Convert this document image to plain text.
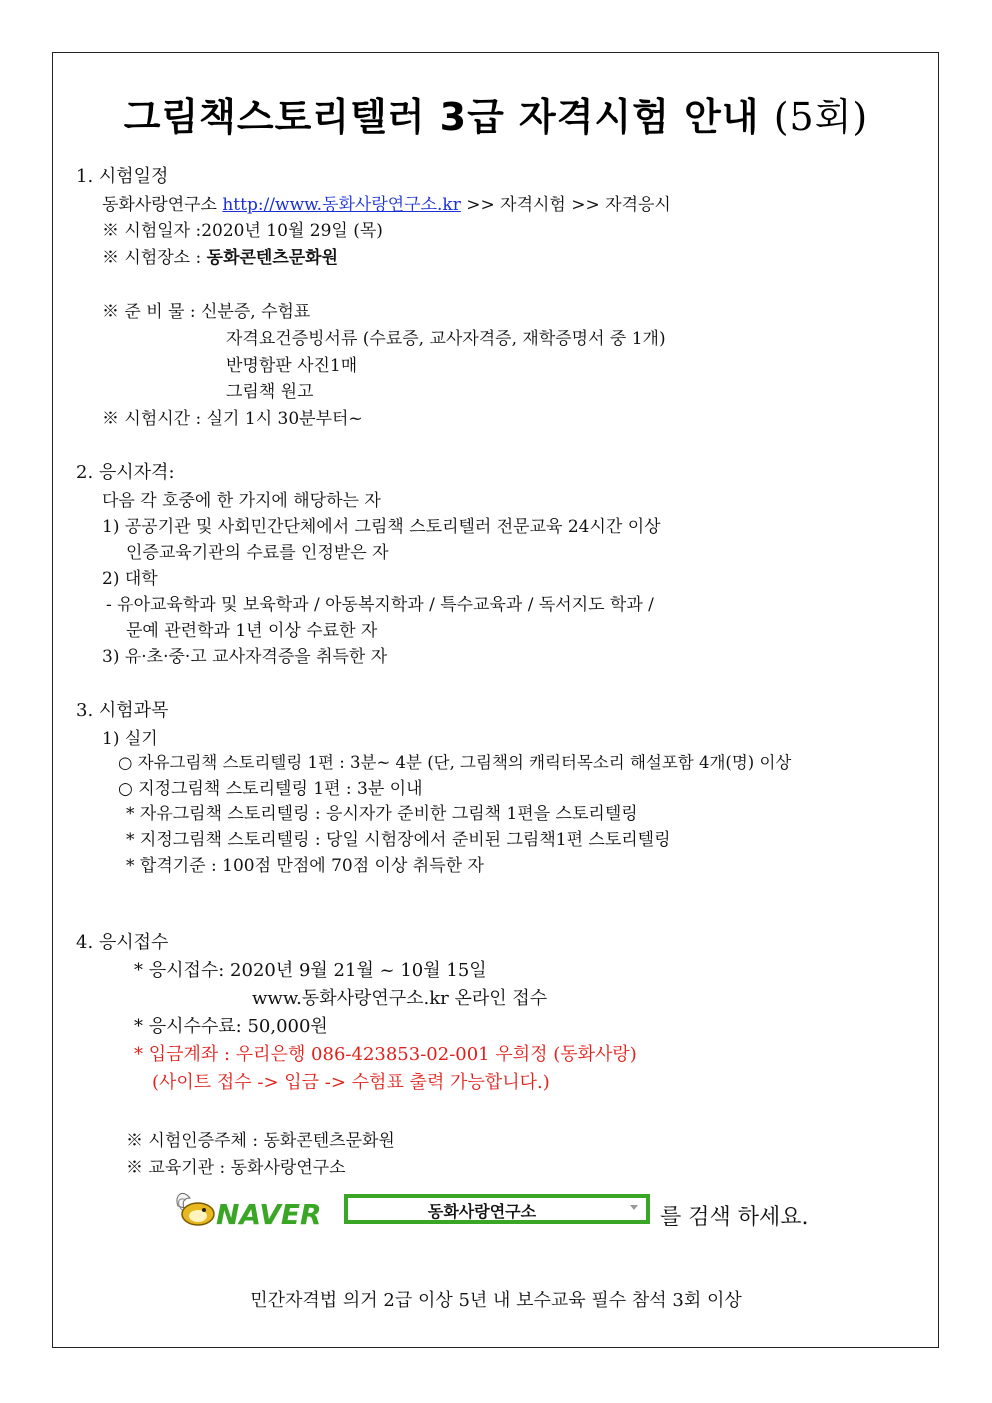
그림책스토리텔러 3급 자격시험 안내 (5회)
1. 시험일정
동화사랑연구소 http://www.동화사랑연구소.kr >> 자격시험 >> 자격응시
※ 시험일자 :2020년 10월 29일 (목)
※ 시험장소 : 동화콘텐츠문화원
※ 준 비 물 : 신분증, 수험표
자격요건증빙서류 (수료증, 교사자격증, 재학증명서 중 1개)
반명함판 사진1매
그림책 원고
※ 시험시간 : 실기 1시 30분부터~
2. 응시자격:
다음 각 호중에 한 가지에 해당하는 자
1) 공공기관 및 사회민간단체에서 그림책 스토리텔러 전문교육 24시간 이상
인증교육기관의 수료를 인정받은 자
2) 대학
- 유아교육학과 및 보육학과 / 아동복지학과 / 특수교육과 / 독서지도 학과 /
문예 관련학과 1년 이상 수료한 자
3) 유·초·중·고 교사자격증을 취득한 자
3. 시험과목
1) 실기
○ 자유그림책 스토리텔링 1편 : 3분~ 4분 (단, 그림책의 캐릭터목소리 해설포함 4개(명) 이상
○ 지정그림책 스토리텔링 1편 : 3분 이내
* 자유그림책 스토리텔링 : 응시자가 준비한 그림책 1편을 스토리텔링
* 지정그림책 스토리텔링 : 당일 시험장에서 준비된 그림책1편 스토리텔링
* 합격기준 : 100점 만점에 70점 이상 취득한 자
4. 응시접수
* 응시접수: 2020년 9월 21월 ~ 10월 15일
www.동화사랑연구소.kr 온라인 접수
* 응시수수료: 50,000원
* 입금계좌 : 우리은행 086-423853-02-001 우희정 (동화사랑)
(사이트 접수 -> 입금 -> 수험표 출력 가능합니다.)
※ 시험인증주체 : 동화콘텐츠문화원
※ 교육기관 : 동화사랑연구소
NAVER	동화사랑연구소	를 검색 하세요.
민간자격법 의거 2급 이상 5년 내 보수교육 필수 참석 3회 이상
